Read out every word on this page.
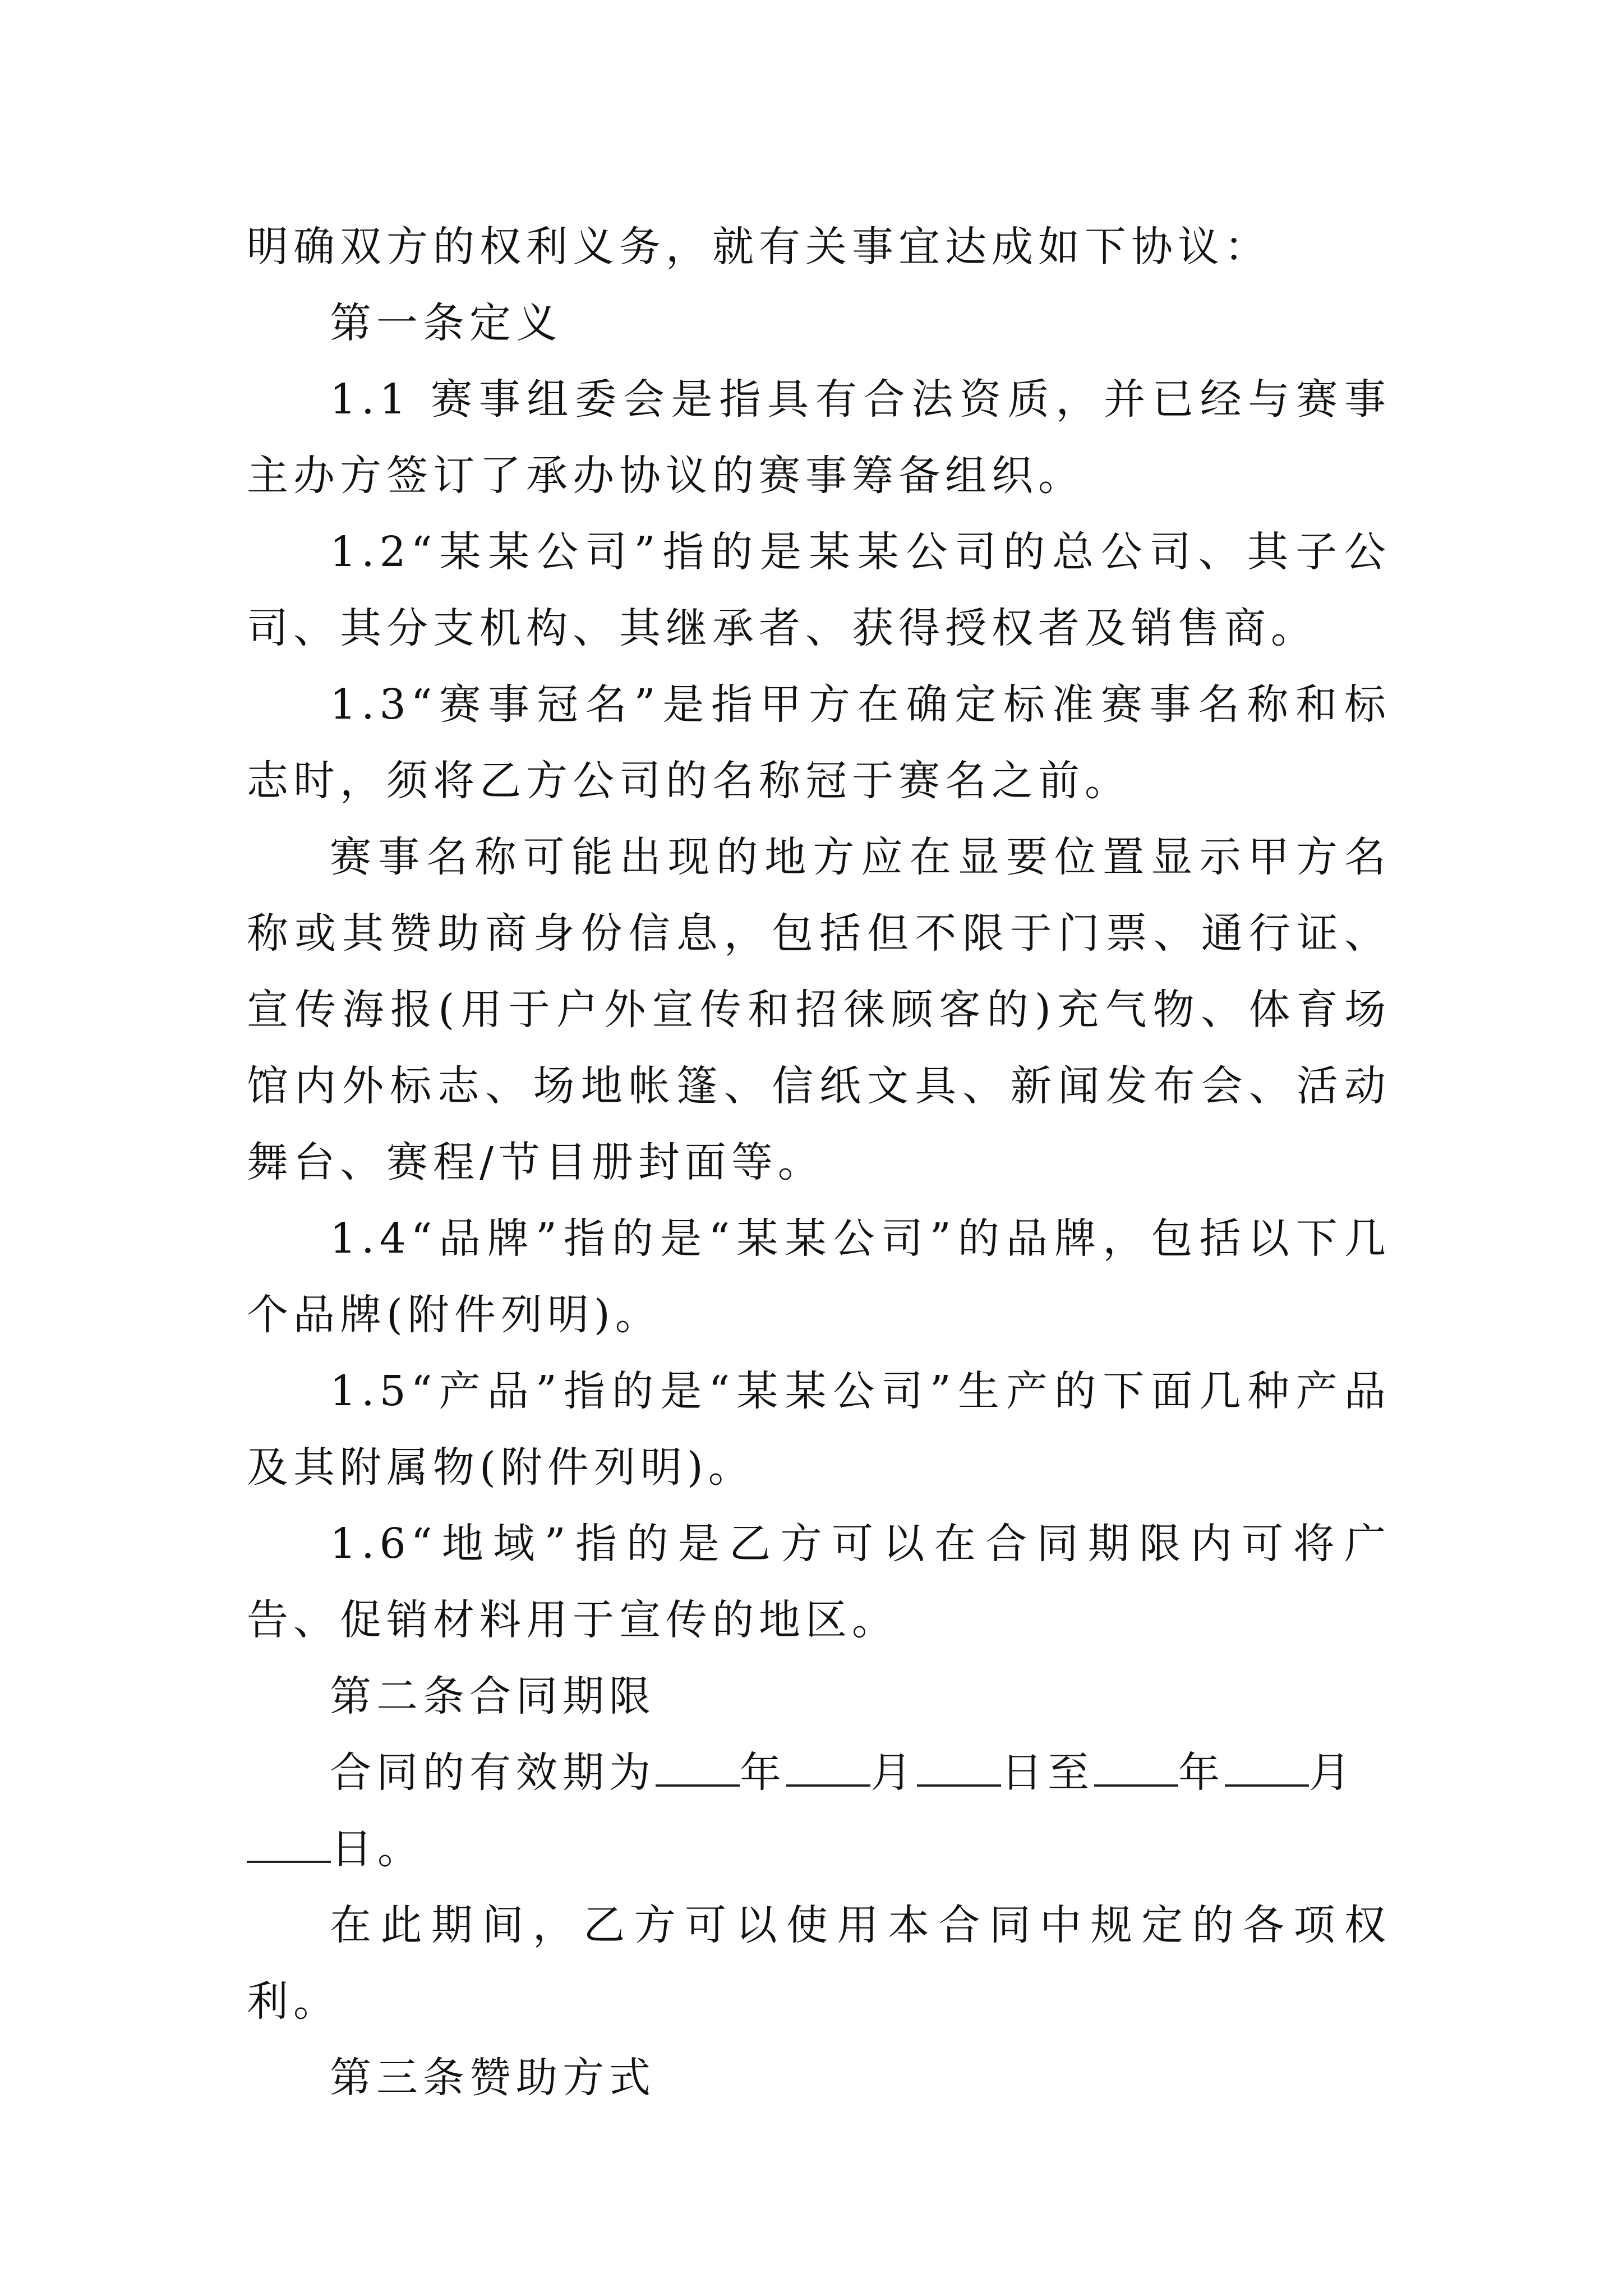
明确双方的权利义务，就有关事宜达成如下协议：

第一条定义

1.1 赛事组委会是指具有合法资质，并已经与赛事主办方签订了承办协议的赛事筹备组织。

1.2“某某公司”指的是某某公司的总公司、其子公司、其分支机构、其继承者、获得授权者及销售商。

1.3“赛事冠名”是指甲方在确定标准赛事名称和标志时，须将乙方公司的名称冠于赛名之前。

赛事名称可能出现的地方应在显要位置显示甲方名称或其赞助商身份信息，包括但不限于门票、通行证、宣传海报(用于户外宣传和招徕顾客的)充气物、体育场馆内外标志、场地帐篷、信纸文具、新闻发布会、活动舞台、赛程/节目册封面等。

1.4“品牌”指的是“某某公司”的品牌，包括以下几个品牌(附件列明)。

1.5“产品”指的是“某某公司”生产的下面几种产品及其附属物(附件列明)。

1.6“地域”指的是乙方可以在合同期限内可将广告、促销材料用于宣传的地区。

第二条合同期限

合同的有效期为 年 月 日至 年 月
日。

在此期间，乙方可以使用本合同中规定的各项权利。

第三条赞助方式
